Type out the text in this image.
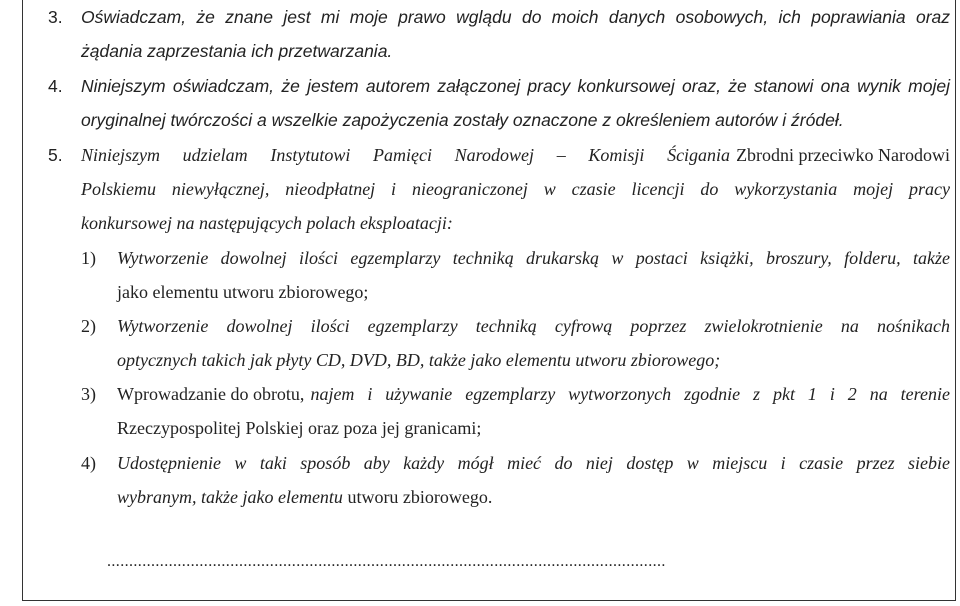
3. Oświadczam, że znane jest mi moje prawo wglądu do moich danych osobowych, ich poprawiania oraz
żądania zaprzestania ich przetwarzania.
4. Niniejszym oświadczam, że jestem autorem załączonej pracy konkursowej oraz, że stanowi ona wynik mojej
oryginalnej twórczości a wszelkie zapożyczenia zostały oznaczone z określeniem autorów i źródeł.
5. Niniejszym udzielam Instytutowi Pamięci Narodowej – Komisji Ścigania Zbrodni przeciwko Narodowi
Polskiemu niewyłącznej, nieodpłatnej i nieograniczonej w czasie licencji do wykorzystania mojej pracy
konkursowej na następujących polach eksploatacji:
1) Wytworzenie dowolnej ilości egzemplarzy techniką drukarską w postaci książki, broszury, folderu, także
jako elementu utworu zbiorowego;
2) Wytworzenie dowolnej ilości egzemplarzy techniką cyfrową poprzez zwielokrotnienie na nośnikach
optycznych takich jak płyty CD, DVD, BD, także jako elementu utworu zbiorowego;
3) Wprowadzanie do obrotu, najem i używanie egzemplarzy wytworzonych zgodnie z pkt 1 i 2 na terenie
Rzeczypospolitej Polskiej oraz poza jej granicami;
4) Udostępnienie w taki sposób aby każdy mógł mieć do niej dostęp w miejscu i czasie przez siebie
wybranym, także jako elementu utworu zbiorowego.
...............................................................................................................................
